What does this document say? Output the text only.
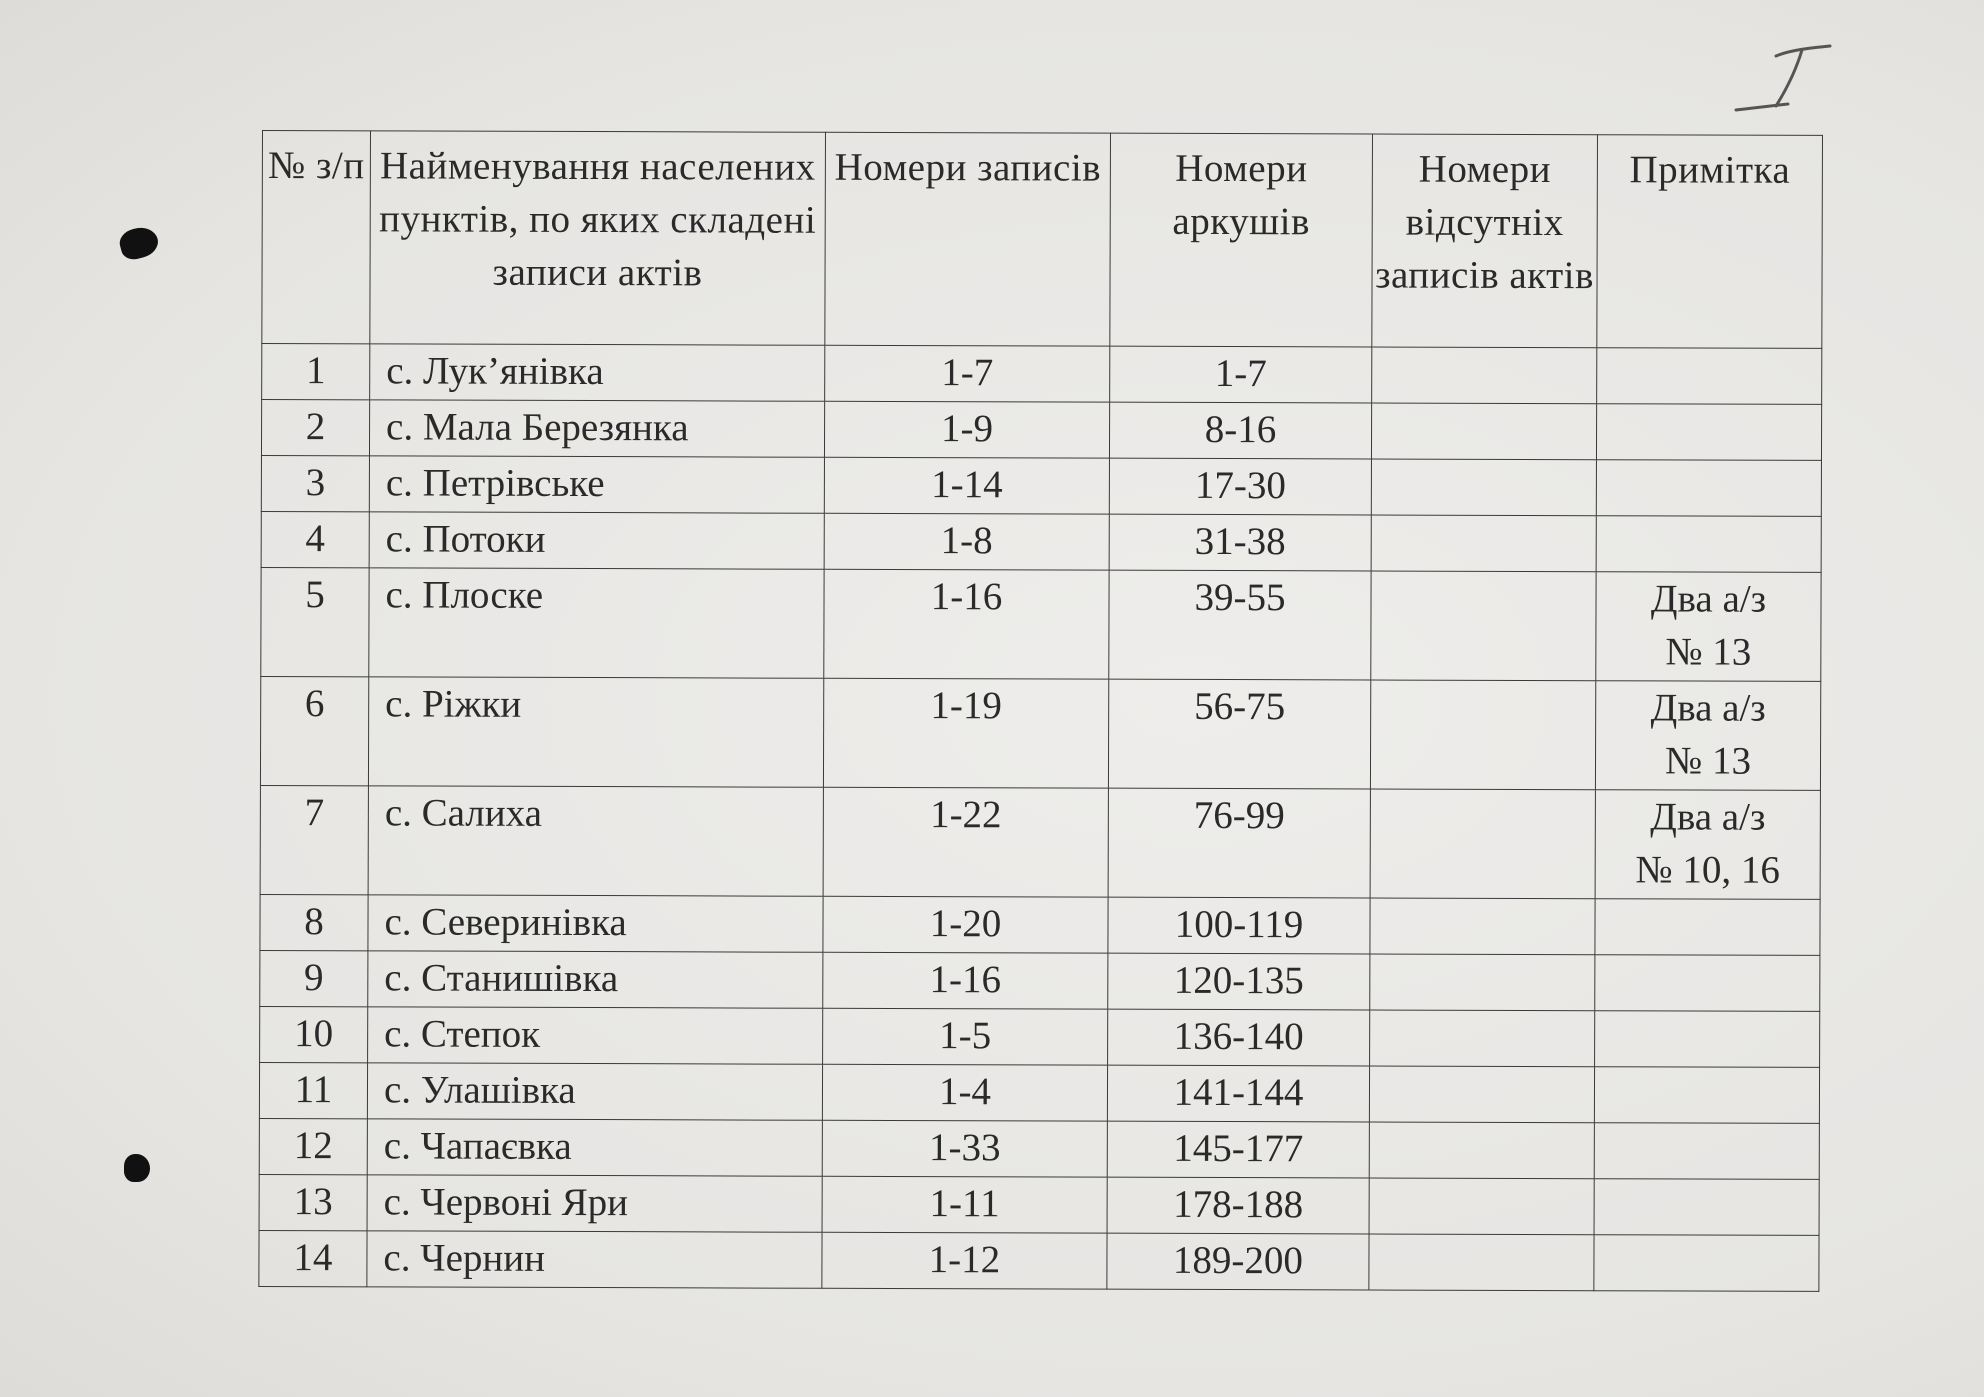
№ з/п	Найменування населених пунктів, по яких складені записи актів	Номери записів	Номери аркушів	Номери відсутніх записів актів	Примітка
1	с. Лук’янівка	1-7	1-7		
2	с. Мала Березянка	1-9	8-16		
3	с. Петрівське	1-14	17-30		
4	с. Потоки	1-8	31-38		
5	с. Плоске	1-16	39-55		Два а/з
№ 13

6	с. Ріжки	1-19	56-75		Два а/з
№ 13

7	с. Салиха	1-22	76-99		Два а/з
№ 10, 16

8	с. Северинівка	1-20	100-119		
9	с. Станишівка	1-16	120-135		
10	с. Степок	1-5	136-140		
11	с. Улашівка	1-4	141-144		
12	с. Чапаєвка	1-33	145-177		
13	с. Червоні Яри	1-11	178-188		
14	с. Чернин	1-12	189-200		
